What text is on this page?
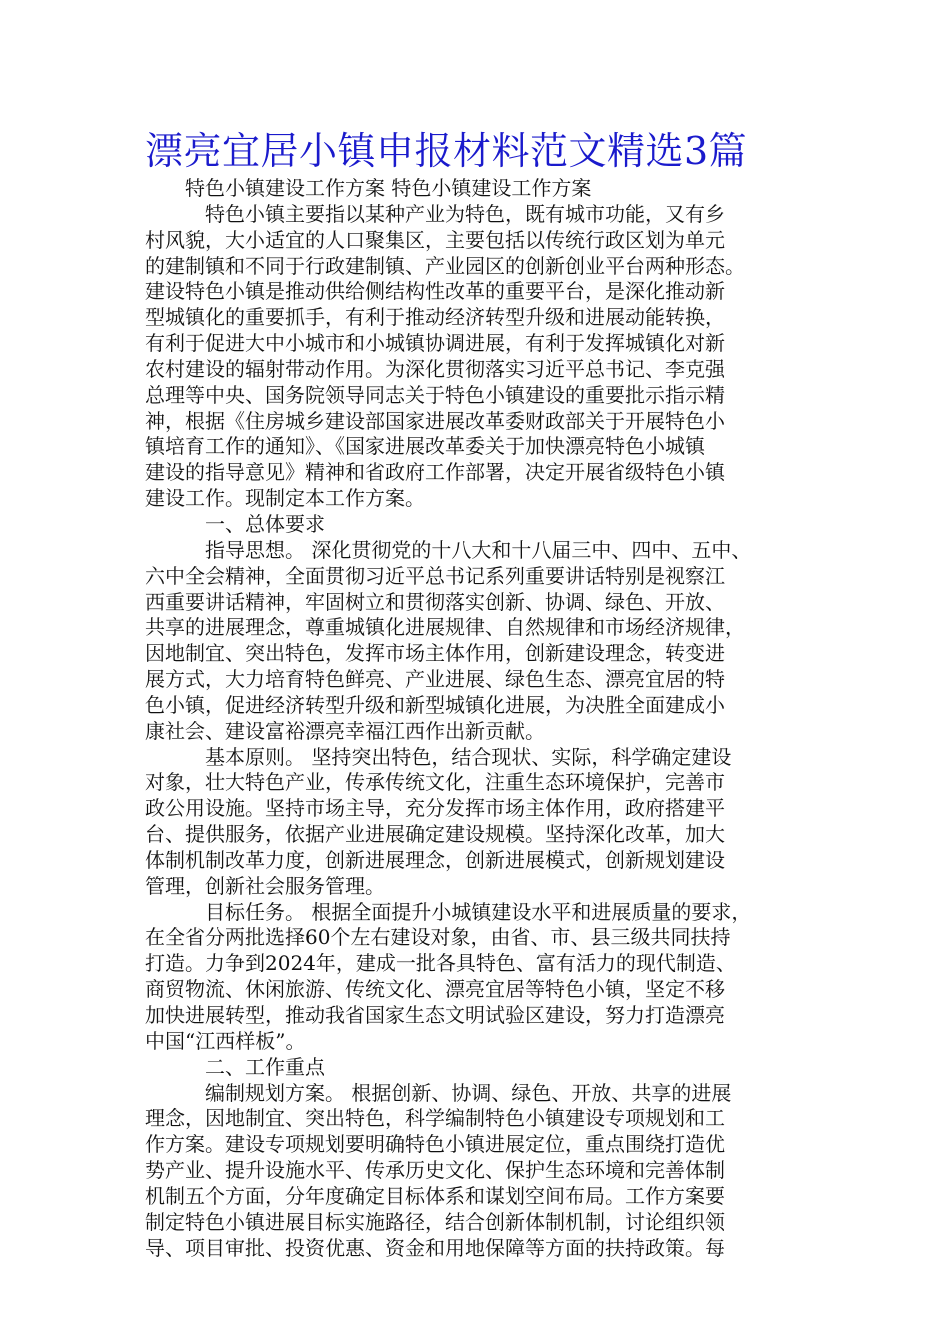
漂亮宜居小镇申报材料范文精选3篇
特色小镇建设工作方案 特色小镇建设工作方案
特色小镇主要指以某种产业为特色，既有城市功能，又有乡
村风貌，大小适宜的人口聚集区，主要包括以传统行政区划为单元
的建制镇和不同于行政建制镇、产业园区的创新创业平台两种形态。
建设特色小镇是推动供给侧结构性改革的重要平台，是深化推动新
型城镇化的重要抓手，有利于推动经济转型升级和进展动能转换，
有利于促进大中小城市和小城镇协调进展，有利于发挥城镇化对新
农村建设的辐射带动作用。为深化贯彻落实习近平总书记、李克强
总理等中央、国务院领导同志关于特色小镇建设的重要批示指示精
神，根据《住房城乡建设部国家进展改革委财政部关于开展特色小
镇培育工作的通知》、《国家进展改革委关于加快漂亮特色小城镇
建设的指导意见》精神和省政府工作部署，决定开展省级特色小镇
建设工作。现制定本工作方案。
一、总体要求
指导思想。 深化贯彻党的十八大和十八届三中、四中、五中、
六中全会精神，全面贯彻习近平总书记系列重要讲话特别是视察江
西重要讲话精神，牢固树立和贯彻落实创新、协调、绿色、开放、
共享的进展理念，尊重城镇化进展规律、自然规律和市场经济规律，
因地制宜、突出特色，发挥市场主体作用，创新建设理念，转变进
展方式，大力培育特色鲜亮、产业进展、绿色生态、漂亮宜居的特
色小镇，促进经济转型升级和新型城镇化进展，为决胜全面建成小
康社会、建设富裕漂亮幸福江西作出新贡献。
基本原则。 坚持突出特色，结合现状、实际，科学确定建设
对象，壮大特色产业，传承传统文化，注重生态环境保护，完善市
政公用设施。坚持市场主导，充分发挥市场主体作用，政府搭建平
台、提供服务，依据产业进展确定建设规模。坚持深化改革，加大
体制机制改革力度，创新进展理念，创新进展模式，创新规划建设
管理，创新社会服务管理。
目标任务。 根据全面提升小城镇建设水平和进展质量的要求，
在全省分两批选择60个左右建设对象，由省、市、县三级共同扶持
打造。力争到2024年，建成一批各具特色、富有活力的现代制造、
商贸物流、休闲旅游、传统文化、漂亮宜居等特色小镇，坚定不移
加快进展转型，推动我省国家生态文明试验区建设，努力打造漂亮
中国“江西样板”。
二、工作重点
编制规划方案。 根据创新、协调、绿色、开放、共享的进展
理念，因地制宜、突出特色，科学编制特色小镇建设专项规划和工
作方案。建设专项规划要明确特色小镇进展定位，重点围绕打造优
势产业、提升设施水平、传承历史文化、保护生态环境和完善体制
机制五个方面，分年度确定目标体系和谋划空间布局。工作方案要
制定特色小镇进展目标实施路径，结合创新体制机制，讨论组织领
导、项目审批、投资优惠、资金和用地保障等方面的扶持政策。每
